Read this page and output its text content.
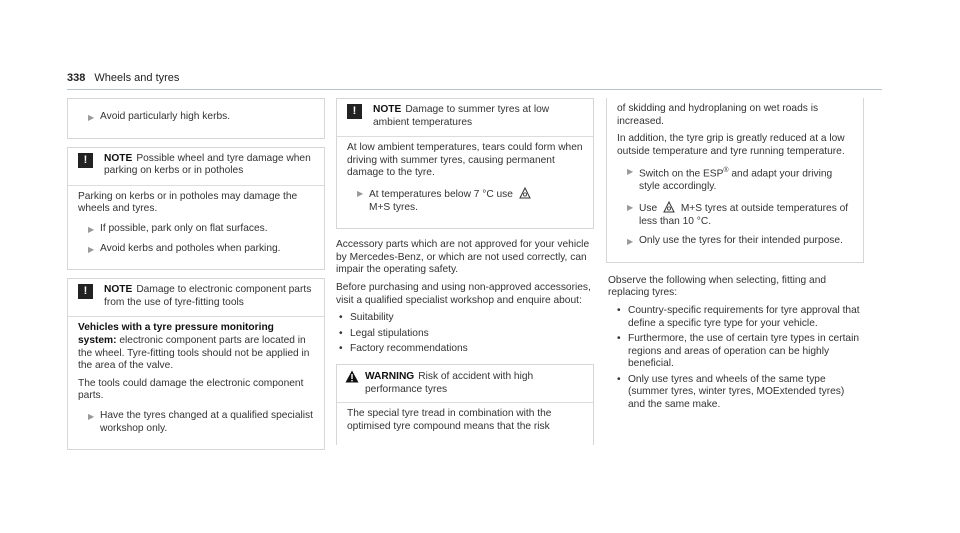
338 Wheels and tyres
▶ Avoid particularly high kerbs.
!	NOTE Possible wheel and tyre damage when parking on kerbs or in potholes

Parking on kerbs or in potholes may damage the wheels and tyres.

▶ If possible, park only on flat surfaces.
▶ Avoid kerbs and potholes when parking.
!	NOTE Damage to electronic component parts from the use of tyre-fitting tools

Vehicles with a tyre pressure monitoring system: electronic component parts are located in the wheel. Tyre-fitting tools should not be applied in the area of the valve.

The tools could damage the electronic component parts.

▶ Have the tyres changed at a qualified specialist workshop only.
!	NOTE Damage to summer tyres at low ambient temperatures

At low ambient temperatures, tears could form when driving with summer tyres, causing permanent damage to the tyre.

▶ At temperatures below 7 °C use
M+S tyres.

Accessory parts which are not approved for your vehicle by Mercedes-Benz, or which are not used correctly, can impair the operating safety.

Before purchasing and using non-approved accessories, visit a qualified specialist workshop and enquire about:

• Suitability
• Legal stipulations
• Factory recommendations
WARNING Risk of accident with high performance tyres

The special tyre tread in combination with the optimised tyre compound means that the risk

of skidding and hydroplaning on wet roads is increased.

In addition, the tyre grip is greatly reduced at a low outside temperature and tyre running temperature.

▶ Switch on the ESP® and adapt your driving style accordingly.
▶ Use M+S tyres at outside temperatures of less than 10 °C.
▶ Only use the tyres for their intended purpose.

Observe the following when selecting, fitting and replacing tyres:

• Country-specific requirements for tyre approval that define a specific tyre type for your vehicle.
• Furthermore, the use of certain tyre types in certain regions and areas of operation can be highly beneficial.
• Only use tyres and wheels of the same type (summer tyres, winter tyres, MOExtended tyres) and the same make.
